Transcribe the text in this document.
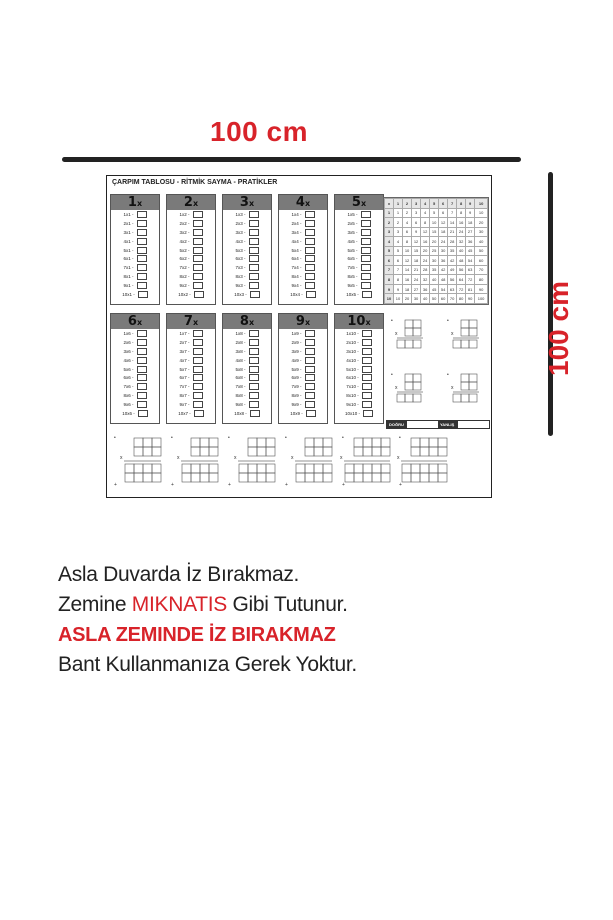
100 cm
100 cm
ÇARPIM TABLOSU - RİTMİK SAYMA - PRATİKLER
1x
1x1 -
2x1 -
3x1 -
4x1 -
5x1 -
6x1 -
7x1 -
8x1 -
9x1 -
10x1 -
2x
1x2 -
2x2 -
3x2 -
4x2 -
5x2 -
6x2 -
7x2 -
8x2 -
9x2 -
10x2 -
3x
1x3 -
2x3 -
3x3 -
4x3 -
5x3 -
6x3 -
7x3 -
8x3 -
9x3 -
10x3 -
4x
1x4 -
2x4 -
3x4 -
4x4 -
5x4 -
6x4 -
7x4 -
8x4 -
9x4 -
10x4 -
5x
1x5 -
2x5 -
3x5 -
4x5 -
5x5 -
6x5 -
7x5 -
8x5 -
9x5 -
10x5 -
6x
1x6 -
2x6 -
3x6 -
4x6 -
5x6 -
6x6 -
7x6 -
8x6 -
9x6 -
10x6 -
7x
1x7 -
2x7 -
3x7 -
4x7 -
5x7 -
6x7 -
7x7 -
8x7 -
9x7 -
10x7 -
8x
1x8 -
2x8 -
3x8 -
4x8 -
5x8 -
6x8 -
7x8 -
8x8 -
9x8 -
10x8 -
9x
1x9 -
2x9 -
3x9 -
4x9 -
5x9 -
6x9 -
7x9 -
8x9 -
9x9 -
10x9 -
10x
1x10 -
2x10 -
3x10 -
4x10 -
5x10 -
6x10 -
7x10 -
8x10 -
9x10 -
10x10 -
x	1	2	3	4	5	6	7	8	9	10
1	1	2	3	4	5	6	7	8	9	10
2	2	4	6	8	10	12	14	16	18	20
3	3	6	9	12	15	18	21	24	27	30
4	4	8	12	16	20	24	28	32	36	40
5	5	10	15	20	25	30	35	40	45	50
6	6	12	18	24	30	36	42	48	54	60
7	7	14	21	28	35	42	49	56	63	70
8	8	16	24	32	40	48	56	64	72	80
9	9	18	27	36	45	54	63	72	81	90
10	10	20	30	40	50	60	70	80	90	100
•
x
•
x
•
x
•
x
DOĞRU	YANLIŞ
•
x
+
•
x
+
•
x
+
•
x
+
•
x
+
•
x
+
Asla Duvarda İz Bırakmaz.
Zemine MIKNATIS Gibi Tutunur.
ASLA ZEMINDE İZ BIRAKMAZ
Bant Kullanmanıza Gerek Yoktur.
